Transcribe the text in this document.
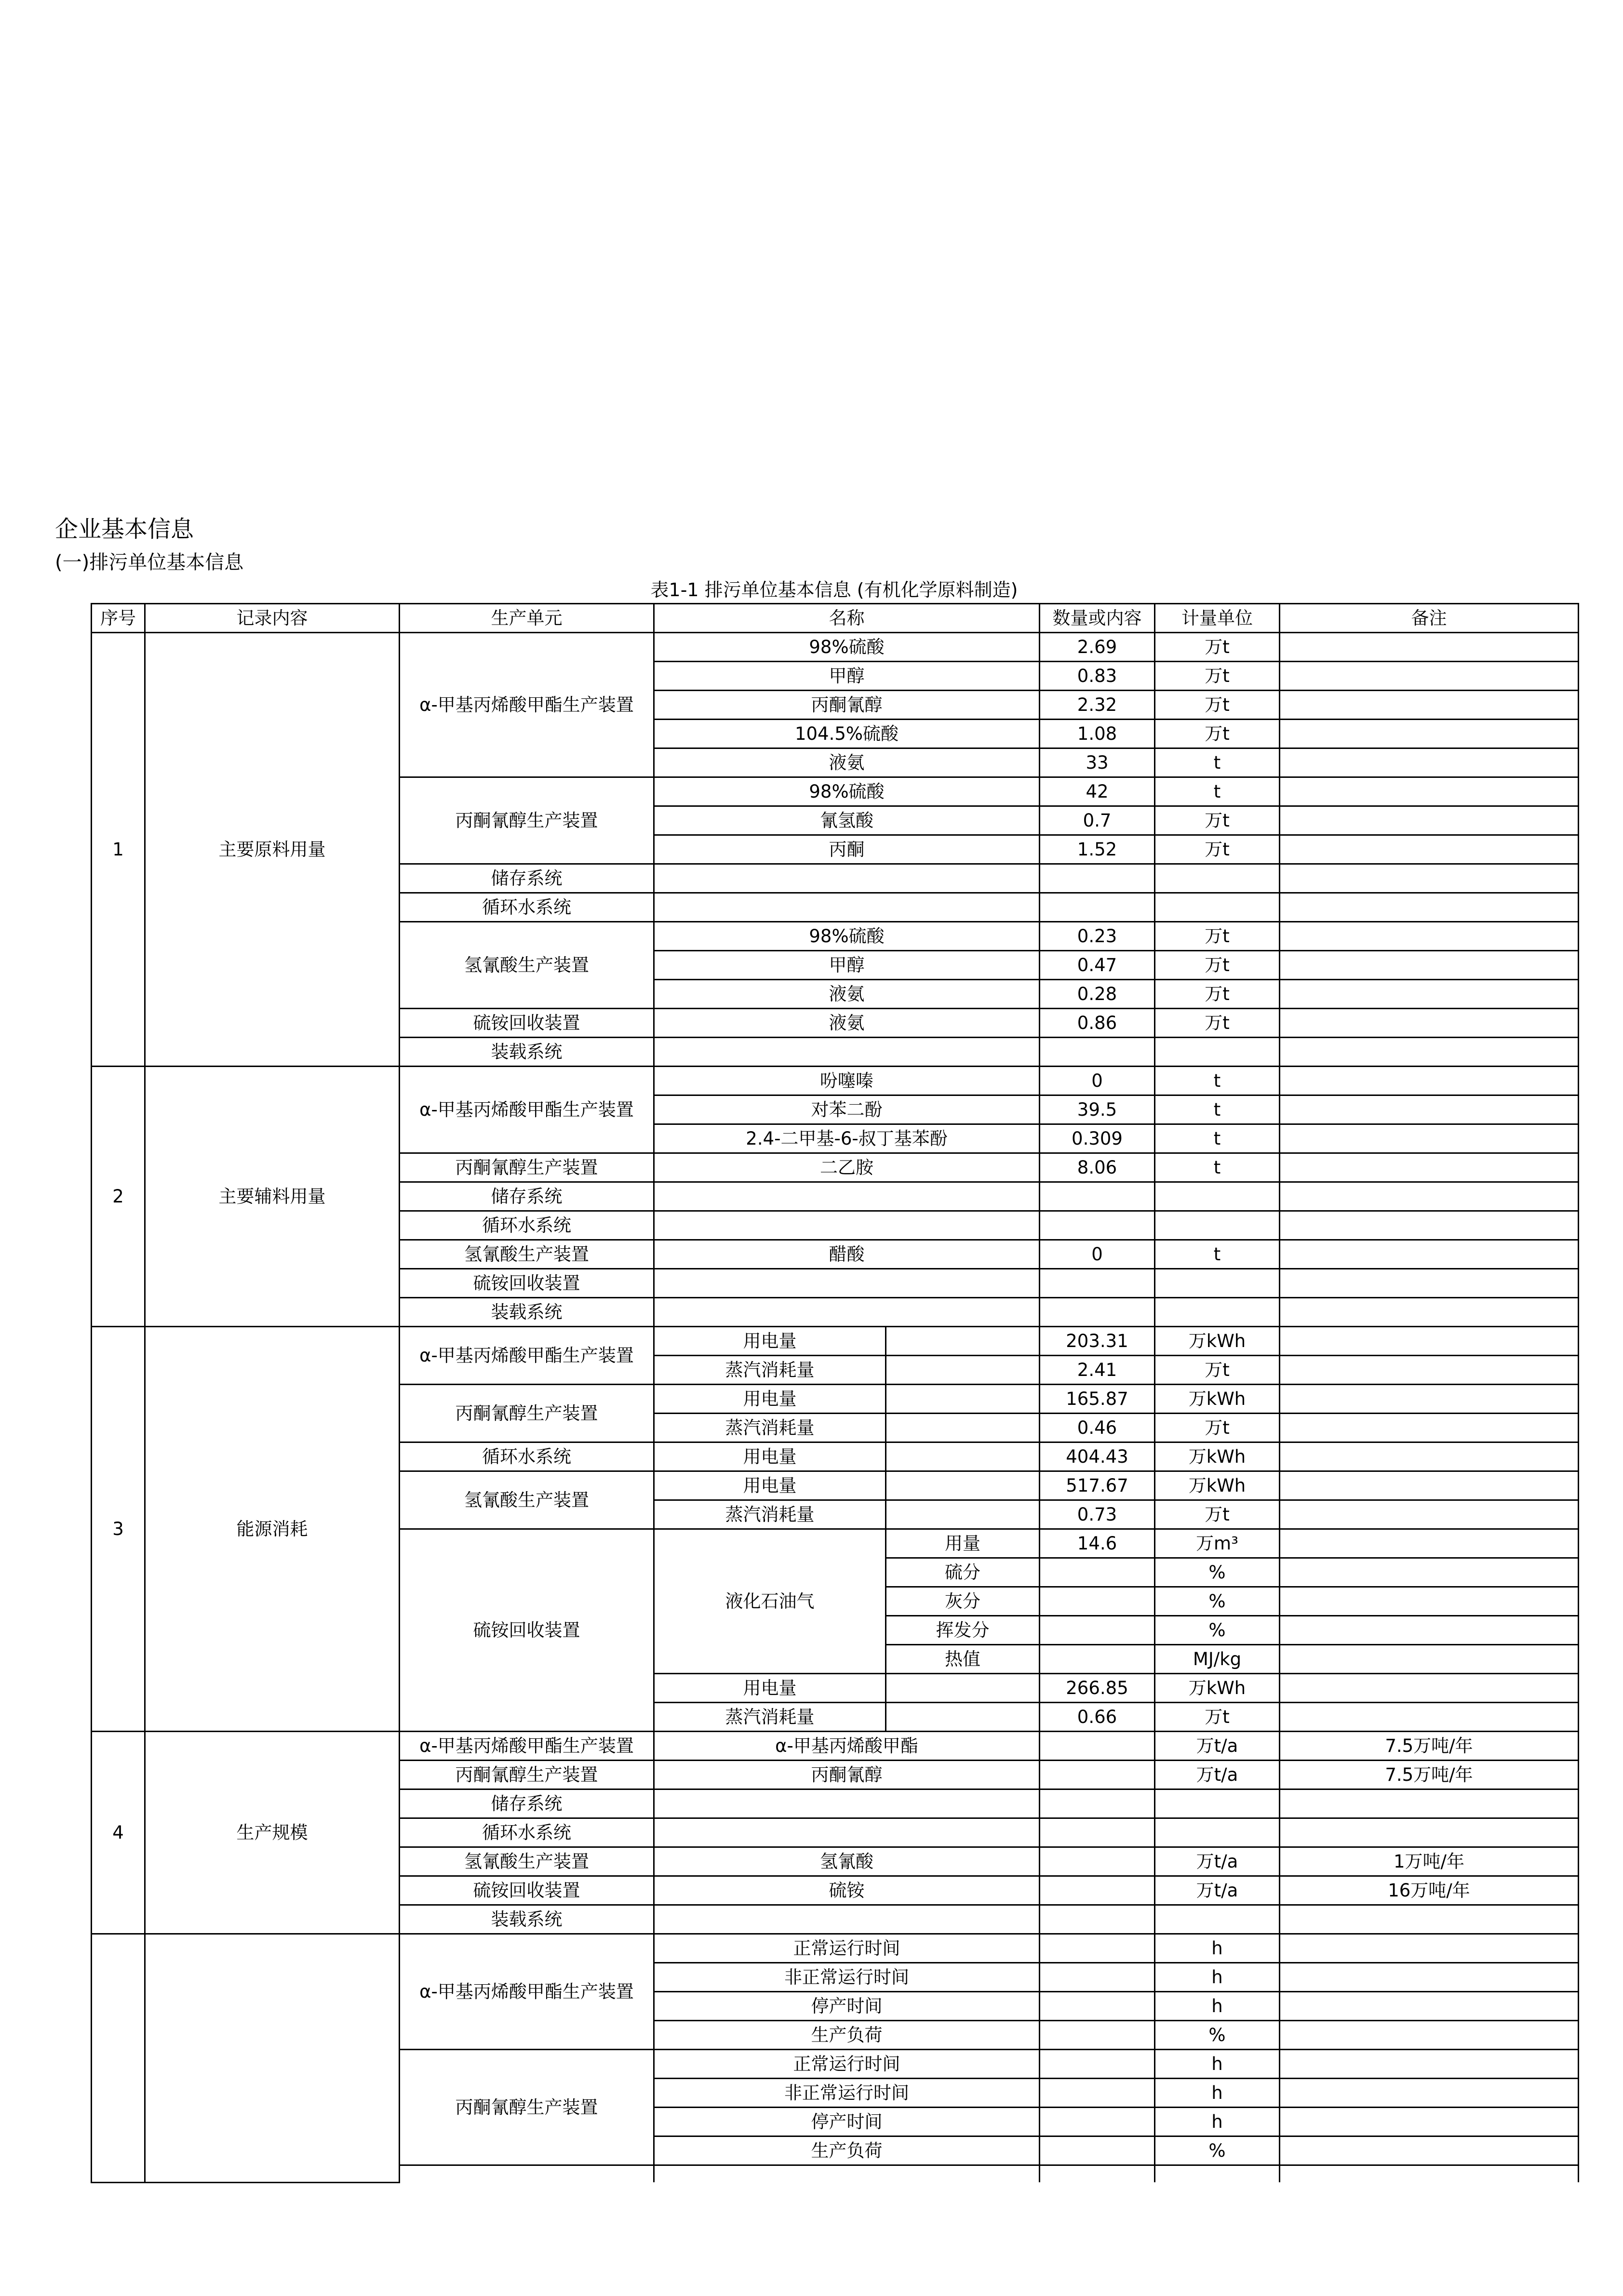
企业基本信息
(一)排污单位基本信息
表1-1 排污单位基本信息 (有机化学原料制造)
序号	记录内容	生产单元	名称		数量或内容	计量单位	备注
1	主要原料用量	α-甲基丙烯酸甲酯生产装置	98%硫酸		2.69	万t	
			甲醇		0.83	万t	
			丙酮氰醇		2.32	万t	
			104.5%硫酸		1.08	万t	
			液氨		33	t	
		丙酮氰醇生产装置	98%硫酸		42	t	
			氰氢酸		0.7	万t	
			丙酮		1.52	万t	
		储存系统					
		循环水系统					
		氢氰酸生产装置	98%硫酸		0.23	万t	
			甲醇		0.47	万t	
			液氨		0.28	万t	
		硫铵回收装置	液氨		0.86	万t	
		装载系统					
2	主要辅料用量	α-甲基丙烯酸甲酯生产装置	吩噻嗪		0	t	
			对苯二酚		39.5	t	
			2.4-二甲基-6-叔丁基苯酚		0.309	t	
		丙酮氰醇生产装置	二乙胺		8.06	t	
		储存系统					
		循环水系统					
		氢氰酸生产装置	醋酸		0	t	
		硫铵回收装置					
		装载系统					
3	能源消耗	α-甲基丙烯酸甲酯生产装置	用电量		203.31	万kWh	
			蒸汽消耗量		2.41	万t	
		丙酮氰醇生产装置	用电量		165.87	万kWh	
			蒸汽消耗量		0.46	万t	
		循环水系统	用电量		404.43	万kWh	
		氢氰酸生产装置	用电量		517.67	万kWh	
			蒸汽消耗量		0.73	万t	
		硫铵回收装置	液化石油气	用量	14.6	万m³	
				硫分		%	
				灰分		%	
				挥发分		%	
				热值		MJ/kg	
			用电量		266.85	万kWh	
			蒸汽消耗量		0.66	万t	
4	生产规模	α-甲基丙烯酸甲酯生产装置	α-甲基丙烯酸甲酯			万t/a	7.5万吨/年
		丙酮氰醇生产装置	丙酮氰醇			万t/a	7.5万吨/年
		储存系统					
		循环水系统					
		氢氰酸生产装置	氢氰酸			万t/a	1万吨/年
		硫铵回收装置	硫铵			万t/a	16万吨/年
		装载系统					
		α-甲基丙烯酸甲酯生产装置	正常运行时间			h	
			非正常运行时间			h	
			停产时间			h	
			生产负荷			%	
		丙酮氰醇生产装置	正常运行时间			h	
			非正常运行时间			h	
			停产时间			h	
			生产负荷			%	
